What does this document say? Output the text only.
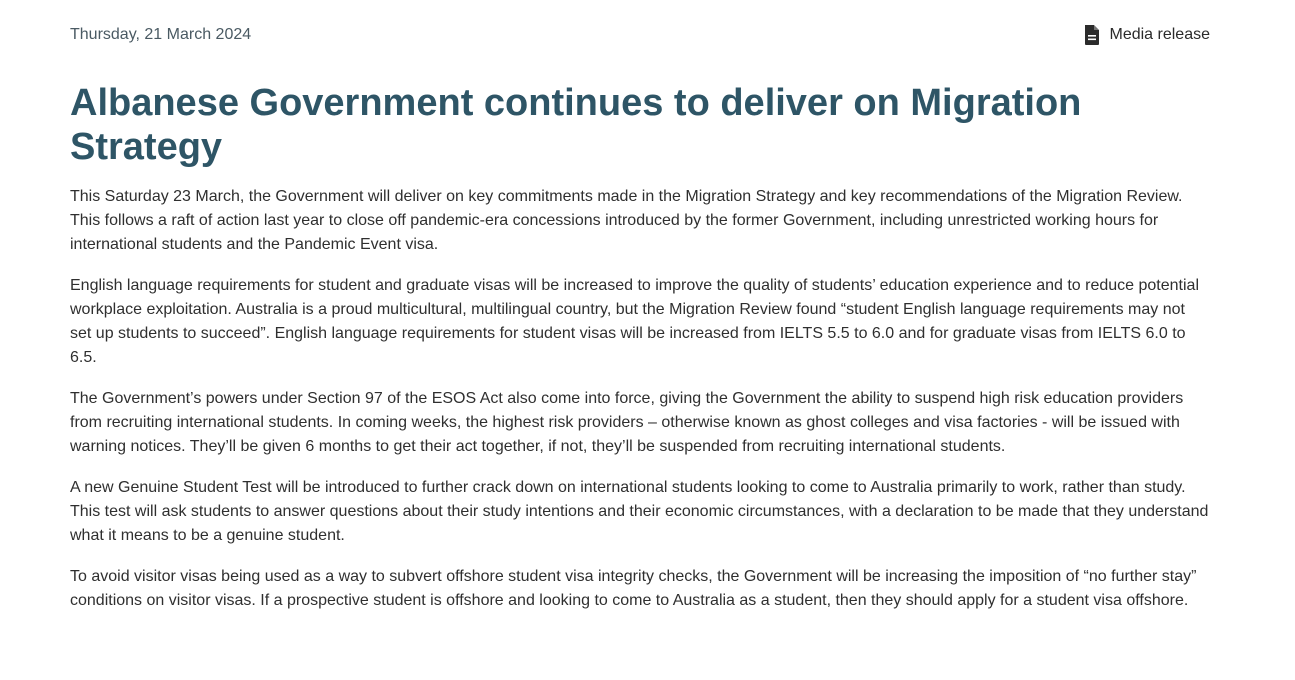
Thursday, 21 March 2024	Media release
Albanese Government continues to deliver on Migration Strategy

This Saturday 23 March, the Government will deliver on key commitments made in the Migration Strategy and key recommendations of the Migration Review. This follows a raft of action last year to close off pandemic-era concessions introduced by the former Government, including unrestricted working hours for international students and the Pandemic Event visa.

English language requirements for student and graduate visas will be increased to improve the quality of students’ education experience and to reduce potential workplace exploitation. Australia is a proud multicultural, multilingual country, but the Migration Review found “student English language requirements may not set up students to succeed”. English language requirements for student visas will be increased from IELTS 5.5 to 6.0 and for graduate visas from IELTS 6.0 to 6.5.

The Government’s powers under Section 97 of the ESOS Act also come into force, giving the Government the ability to suspend high risk education providers from recruiting international students. In coming weeks, the highest risk providers – otherwise known as ghost colleges and visa factories - will be issued with warning notices. They’ll be given 6 months to get their act together, if not, they’ll be suspended from recruiting international students.

A new Genuine Student Test will be introduced to further crack down on international students looking to come to Australia primarily to work, rather than study. This test will ask students to answer questions about their study intentions and their economic circumstances, with a declaration to be made that they understand what it means to be a genuine student.

To avoid visitor visas being used as a way to subvert offshore student visa integrity checks, the Government will be increasing the imposition of “no further stay” conditions on visitor visas. If a prospective student is offshore and looking to come to Australia as a student, then they should apply for a student visa offshore.
